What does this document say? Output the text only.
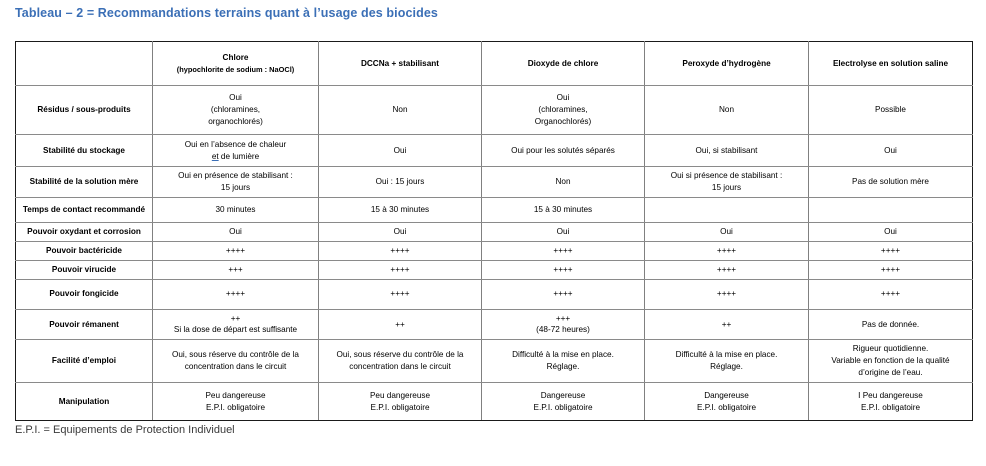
Tableau – 2 = Recommandations terrains quant à l’usage des biocides
	Chlore
(hypochlorite de sodium : NaOCl)	DCCNa + stabilisant	Dioxyde de chlore	Peroxyde d’hydrogène	Electrolyse en solution saline
Résidus / sous-produits	Oui
(chloramines,
organochlorés)	Non	Oui
(chloramines,
Organochlorés)	Non	Possible

Stabilité du stockage	Oui en l’absence de chaleur
et de lumière	Oui	Oui pour les solutés séparés	Oui, si stabilisant	Oui

Stabilité de la solution mère	Oui en présence de stabilisant :
15 jours	Oui : 15 jours	Non	Oui si présence de stabilisant :
15 jours	Pas de solution mère

Temps de contact recommandé	30 minutes	15 à 30 minutes	15 à 30 minutes		

Pouvoir oxydant et corrosion	Oui	Oui	Oui	Oui	Oui

Pouvoir bactéricide	++++	++++	++++	++++	++++

Pouvoir virucide	+++	++++	++++	++++	++++

Pouvoir fongicide	++++	++++	++++	++++	++++

Pouvoir rémanent	++
Si la dose de départ est suffisante	++	+++
(48-72 heures)	++	Pas de donnée.

Facilité d’emploi	Oui, sous réserve du contrôle de la
concentration dans le circuit	Oui, sous réserve du contrôle de la
concentration dans le circuit	Difficulté à la mise en place.
Réglage.	Difficulté à la mise en place.
Réglage.	Rigueur quotidienne.
Variable en fonction de la qualité
d’origine de l’eau.

Manipulation	Peu dangereuse
E.P.I. obligatoire	Peu dangereuse
E.P.I. obligatoire	Dangereuse
E.P.I. obligatoire	Dangereuse
E.P.I. obligatoire	I Peu dangereuse
E.P.I. obligatoire
E.P.I. = Equipements de Protection Individuel
